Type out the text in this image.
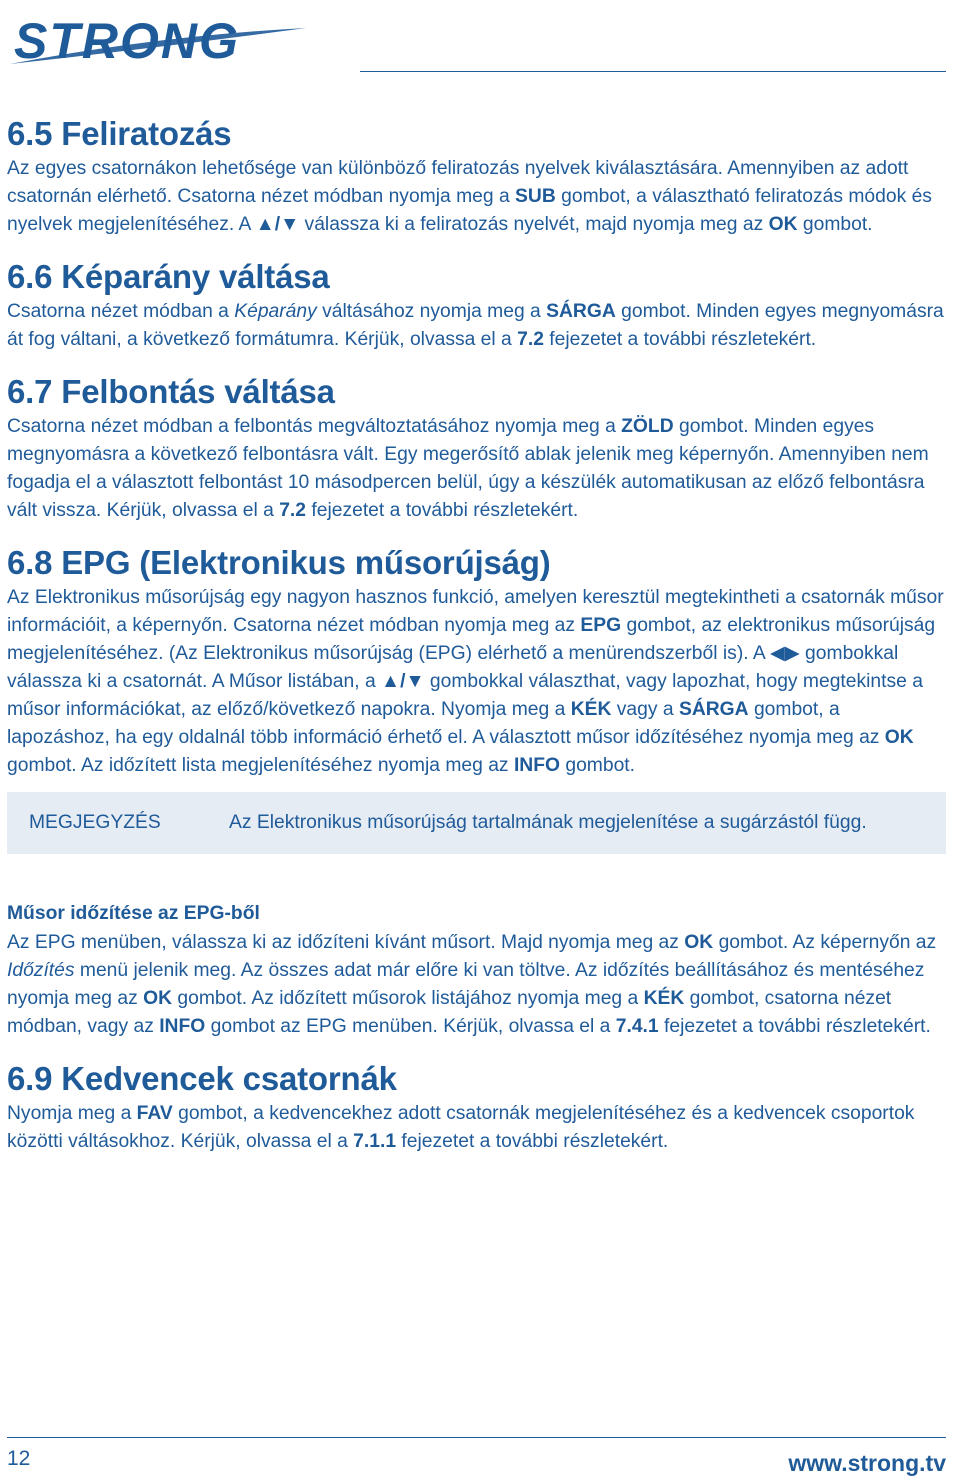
STRONG
6.5 Feliratozás

Az egyes csatornákon lehetősége van különböző feliratozás nyelvek kiválasztására. Amennyiben az adott csatornán elérhető. Csatorna nézet módban nyomja meg a SUB gombot, a választható feliratozás módok és nyelvek megjelenítéséhez. A ▲/▼ válassza ki a feliratozás nyelvét, majd nyomja meg az OK gombot.

6.6 Képarány váltása

Csatorna nézet módban a Képarány váltásához nyomja meg a SÁRGA gombot. Minden egyes megnyomásra át fog váltani, a következő formátumra. Kérjük, olvassa el a 7.2 fejezetet a további részletekért.

6.7 Felbontás váltása

Csatorna nézet módban a felbontás megváltoztatásához nyomja meg a ZÖLD gombot. Minden egyes megnyomásra a következő felbontásra vált. Egy megerősítő ablak jelenik meg képernyőn. Amennyiben nem fogadja el a választott felbontást 10 másodpercen belül, úgy a készülék automatikusan az előző felbontásra vált vissza. Kérjük, olvassa el a 7.2 fejezetet a további részletekért.

6.8 EPG (Elektronikus műsorújság)

Az Elektronikus műsorújság egy nagyon hasznos funkció, amelyen keresztül megtekintheti a csatornák műsor információit, a képernyőn. Csatorna nézet módban nyomja meg az EPG gombot, az elektronikus műsorújság megjelenítéséhez. (Az Elektronikus műsorújság (EPG) elérhető a menürendszerből is). A ◀▶ gombokkal válassza ki a csatornát. A Műsor listában, a ▲/▼ gombokkal választhat, vagy lapozhat, hogy megtekintse a műsor információkat, az előző/következő napokra. Nyomja meg a KÉK vagy a SÁRGA gombot, a lapozáshoz, ha egy oldalnál több információ érhető el. A választott műsor időzítéséhez nyomja meg az OK gombot. Az időzített lista megjelenítéséhez nyomja meg az INFO gombot.

MEGJEGYZÉS	Az Elektronikus műsorújság tartalmának megjelenítése a sugárzástól függ.
Műsor időzítése az EPG-ből

Az EPG menüben, válassza ki az időzíteni kívánt műsort. Majd nyomja meg az OK gombot. Az képernyőn az Időzítés menü jelenik meg. Az összes adat már előre ki van töltve. Az időzítés beállításához és mentéséhez nyomja meg az OK gombot. Az időzített műsorok listájához nyomja meg a KÉK gombot, csatorna nézet módban, vagy az INFO gombot az EPG menüben. Kérjük, olvassa el a 7.4.1 fejezetet a további részletekért.

6.9 Kedvencek csatornák

Nyomja meg a FAV gombot, a kedvencekhez adott csatornák megjelenítéséhez és a kedvencek csoportok közötti váltásokhoz. Kérjük, olvassa el a 7.1.1 fejezetet a további részletekért.

12	www.strong.tv
